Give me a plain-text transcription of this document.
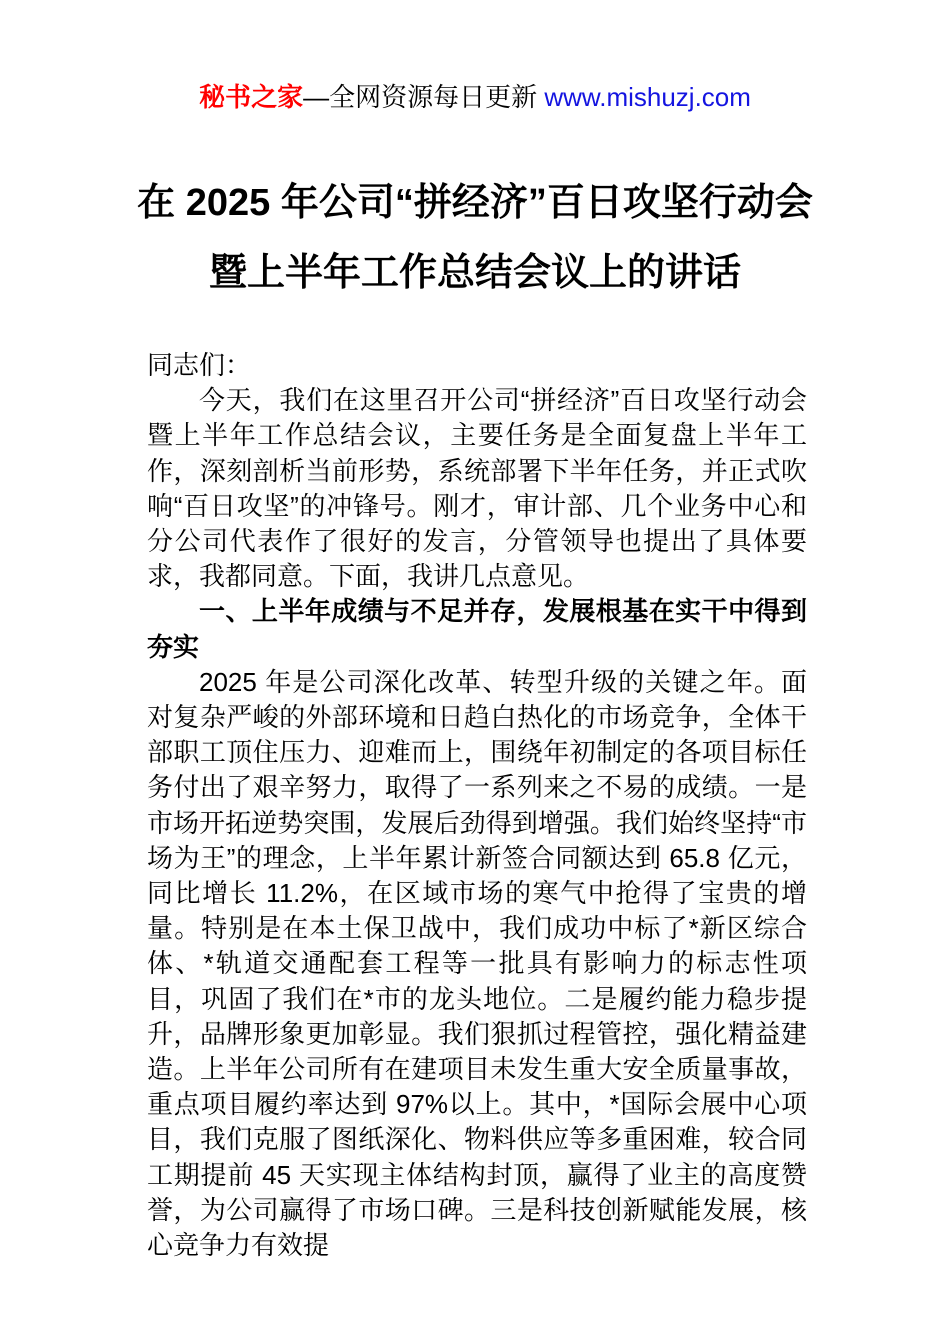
秘书之家—全网资源每日更新 www.mishuzj.com
在 2025 年公司“拼经济”百日攻坚行动会
暨上半年工作总结会议上的讲话

同志们：

今天，我们在这里召开公司“拼经济”百日攻坚行动会暨上半年工作总结会议，主要任务是全面复盘上半年工作，深刻剖析当前形势，系统部署下半年任务，并正式吹响“百日攻坚”的冲锋号。刚才，审计部、几个业务中心和分公司代表作了很好的发言，分管领导也提出了具体要求，我都同意。下面，我讲几点意见。

一、上半年成绩与不足并存，发展根基在实干中得到夯实

2025 年是公司深化改革、转型升级的关键之年。面对复杂严峻的外部环境和日趋白热化的市场竞争，全体干部职工顶住压力、迎难而上，围绕年初制定的各项目标任务付出了艰辛努力，取得了一系列来之不易的成绩。一是市场开拓逆势突围，发展后劲得到增强。我们始终坚持“市场为王”的理念，上半年累计新签合同额达到 65.8 亿元，同比增长 11.2%，在区域市场的寒气中抢得了宝贵的增量。特别是在本土保卫战中，我们成功中标了*新区综合体、*轨道交通配套工程等一批具有影响力的标志性项目，巩固了我们在*市的龙头地位。二是履约能力稳步提升，品牌形象更加彰显。我们狠抓过程管控，强化精益建造。上半年公司所有在建项目未发生重大安全质量事故，重点项目履约率达到 97%以上。其中，*国际会展中心项目，我们克服了图纸深化、物料供应等多重困难，较合同工期提前 45 天实现主体结构封顶，赢得了业主的高度赞誉，为公司赢得了市场口碑。三是科技创新赋能发展，核心竞争力有效提
